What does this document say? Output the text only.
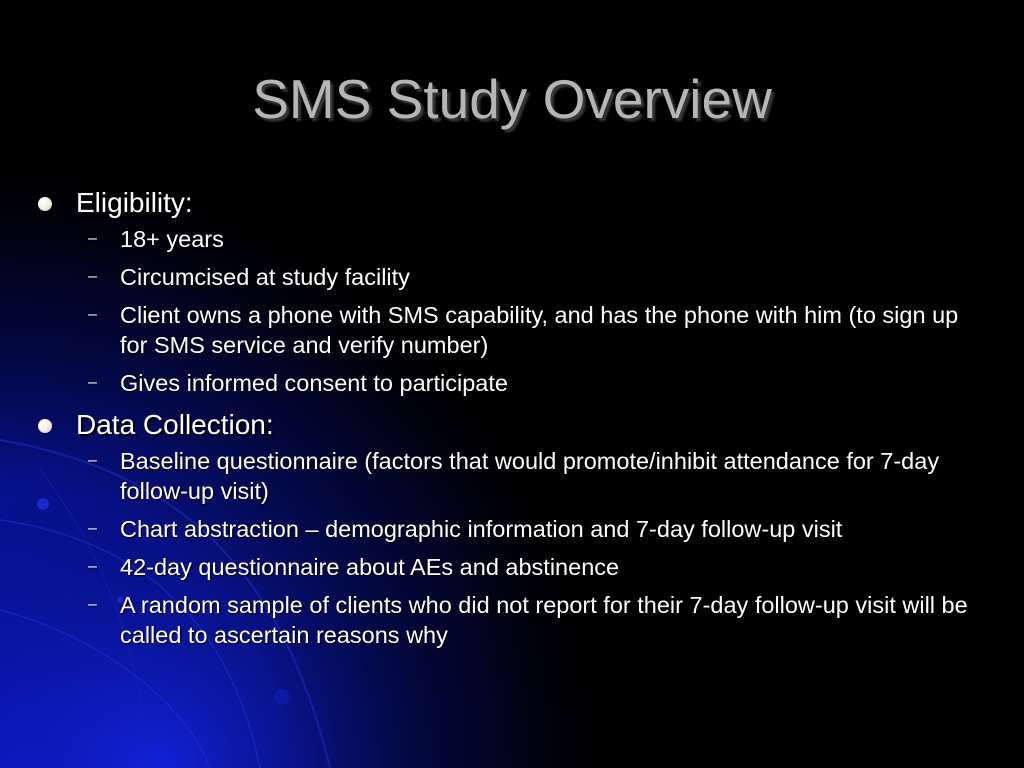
SMS Study Overview
Eligibility:
– 18+ years
– Circumcised at study facility
– Client owns a phone with SMS capability, and has the phone with him (to sign up for SMS service and verify number)
– Gives informed consent to participate
Data Collection:
– Baseline questionnaire (factors that would promote/inhibit attendance for 7-day follow-up visit)
– Chart abstraction – demographic information and 7-day follow-up visit
– 42-day questionnaire about AEs and abstinence
– A random sample of clients who did not report for their 7-day follow-up visit will be called to ascertain reasons why
